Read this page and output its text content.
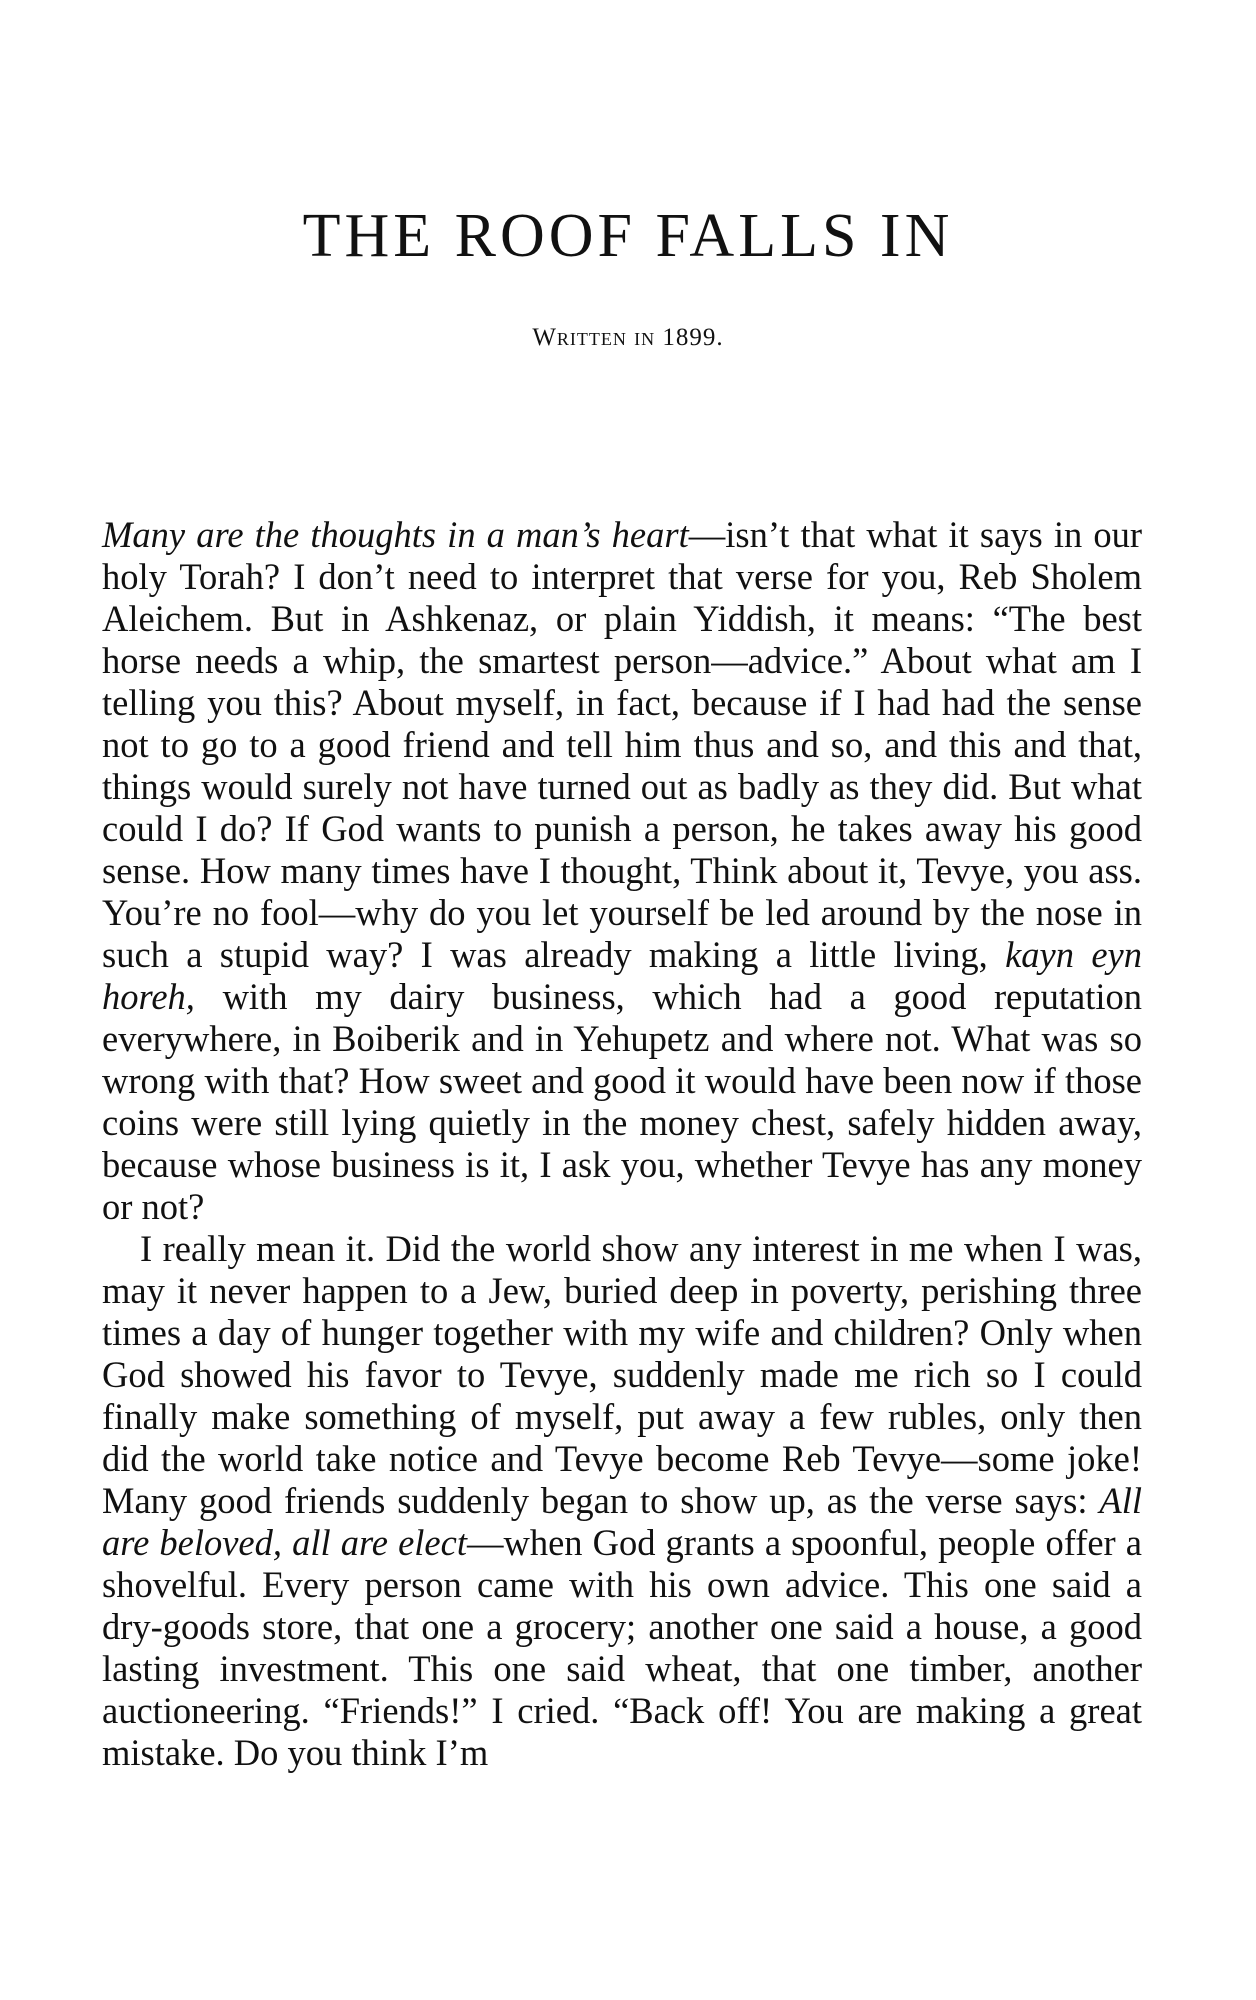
THE ROOF FALLS IN
Written in 1899.

Many are the thoughts in a man’s heart—isn’t that what it says in our holy Torah? I don’t need to interpret that verse for you, Reb Sholem Aleichem. But in Ashkenaz, or plain Yiddish, it means: “The best horse needs a whip, the smartest person—advice.” About what am I telling you this? About myself, in fact, because if I had had the sense not to go to a good friend and tell him thus and so, and this and that, things would surely not have turned out as badly as they did. But what could I do? If God wants to punish a person, he takes away his good sense. How many times have I thought, Think about it, Tevye, you ass. You’re no fool—why do you let yourself be led around by the nose in such a stupid way? I was already making a little living, kayn eyn horeh, with my dairy business, which had a good reputation everywhere, in Boiberik and in Yehupetz and where not. What was so wrong with that? How sweet and good it would have been now if those coins were still lying quietly in the money chest, safely hidden away, because whose business is it, I ask you, whether Tevye has any money or not?

I really mean it. Did the world show any interest in me when I was, may it never happen to a Jew, buried deep in poverty, perishing three times a day of hunger together with my wife and children? Only when God showed his favor to Tevye, suddenly made me rich so I could finally make something of myself, put away a few rubles, only then did the world take notice and Tevye become Reb Tevye—some joke! Many good friends suddenly began to show up, as the verse says: All are beloved, all are elect—when God grants a spoonful, people offer a shovelful. Every person came with his own advice. This one said a dry-goods store, that one a grocery; another one said a house, a good lasting investment. This one said wheat, that one timber, another auctioneering. “Friends!” I cried. “Back off! You are making a great mistake. Do you think I’m
